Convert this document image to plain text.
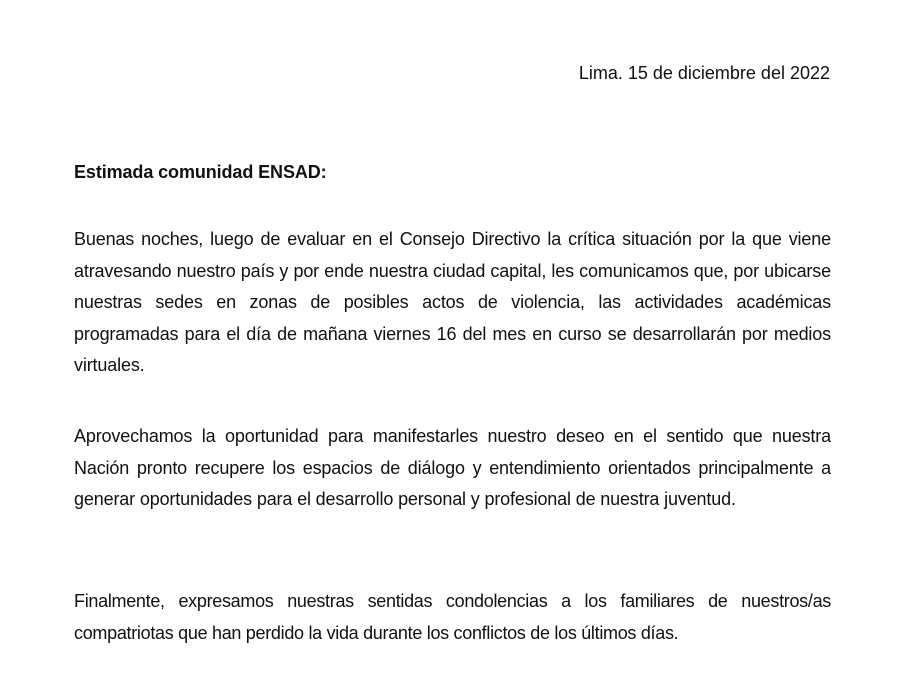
Lima. 15 de diciembre del 2022
Estimada comunidad ENSAD:

Buenas noches, luego de evaluar en el Consejo Directivo la crítica situación por la que viene atravesando nuestro país y por ende nuestra ciudad capital, les comunicamos que, por ubicarse nuestras sedes en zonas de posibles actos de violencia, las actividades académicas programadas para el día de mañana viernes 16 del mes en curso se desarrollarán por medios virtuales.

Aprovechamos la oportunidad para manifestarles nuestro deseo en el sentido que nuestra Nación pronto recupere los espacios de diálogo y entendimiento orientados principalmente a generar oportunidades para el desarrollo personal y profesional de nuestra juventud.

Finalmente, expresamos nuestras sentidas condolencias a los familiares de nuestros/as compatriotas que han perdido la vida durante los conflictos de los últimos días.
